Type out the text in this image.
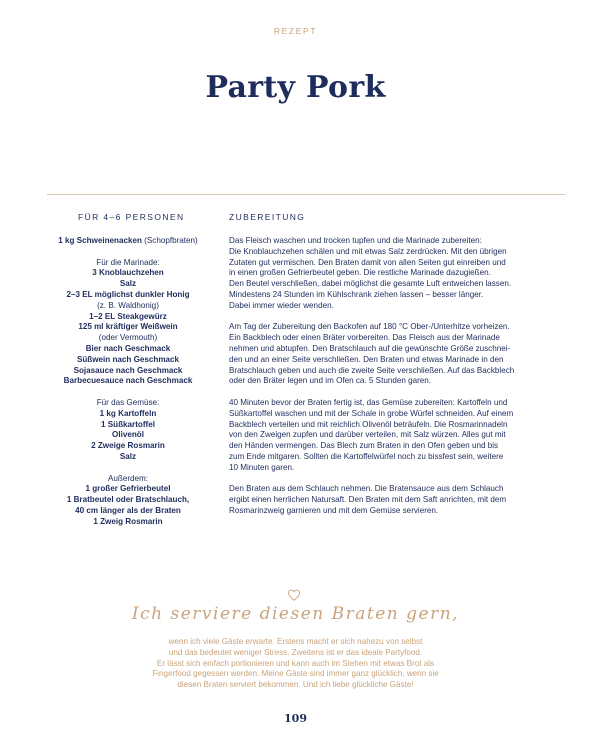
REZEPT
Party Pork
FÜR 4–6 PERSONEN	ZUBEREITUNG
1 kg Schweinenacken (Schopfbraten)
Für die Marinade:
3 Knoblauchzehen
Salz
2–3 EL möglichst dunkler Honig
(z. B. Waldhonig)
1–2 EL Steakgewürz
125 ml kräftiger Weißwein
(oder Vermouth)
Bier nach Geschmack
Süßwein nach Geschmack
Sojasauce nach Geschmack
Barbecuesauce nach Geschmack
Für das Gemüse:
1 kg Kartoffeln
1 Süßkartoffel
Olivenöl
2 Zweige Rosmarin
Salz
Außerdem:
1 großer Gefrierbeutel
1 Bratbeutel oder Bratschlauch,
40 cm länger als der Braten
1 Zweig Rosmarin

Das Fleisch waschen und trocken tupfen und die Marinade zubereiten:
Die Knoblauchzehen schälen und mit etwas Salz zerdrücken. Mit den übrigen
Zutaten gut vermischen. Den Braten damit von allen Seiten gut einreiben und
in einen großen Gefrierbeutel geben. Die restliche Marinade dazugießen.
Den Beutel verschließen, dabei möglichst die gesamte Luft entweichen lassen.
Mindestens 24 Stunden im Kühlschrank ziehen lassen – besser länger.
Dabei immer wieder wenden.

Am Tag der Zubereitung den Backofen auf 180 °C Ober-/Unterhitze vorheizen.
Ein Backblech oder einen Bräter vorbereiten. Das Fleisch aus der Marinade
nehmen und abtupfen. Den Bratschlauch auf die gewünschte Größe zuschnei-
den und an einer Seite verschließen. Den Braten und etwas Marinade in den
Bratschlauch geben und auch die zweite Seite verschließen. Auf das Backblech
oder den Bräter legen und im Ofen ca. 5 Stunden garen.

40 Minuten bevor der Braten fertig ist, das Gemüse zubereiten: Kartoffeln und
Süßkartoffel waschen und mit der Schale in grobe Würfel schneiden. Auf einem
Backblech verteilen und mit reichlich Olivenöl beträufeln. Die Rosmarinnadeln
von den Zweigen zupfen und darüber verteilen, mit Salz würzen. Alles gut mit
den Händen vermengen. Das Blech zum Braten in den Ofen geben und bis
zum Ende mitgaren. Sollten die Kartoffelwürfel noch zu bissfest sein, weitere
10 Minuten garen.

Den Braten aus dem Schlauch nehmen. Die Bratensauce aus dem Schlauch
ergibt einen herrlichen Natursaft. Den Braten mit dem Saft anrichten, mit dem
Rosmarinzweig garnieren und mit dem Gemüse servieren.

Ich serviere diesen Braten gern,
wenn ich viele Gäste erwarte. Erstens macht er sich nahezu von selbst
und das bedeutet weniger Stress. Zweitens ist er das ideale Partyfood.
Er lässt sich einfach portionieren und kann auch im Stehen mit etwas Brot als
Fingerfood gegessen werden. Meine Gäste sind immer ganz glücklich, wenn sie
diesen Braten serviert bekommen. Und ich liebe glückliche Gäste!
109
